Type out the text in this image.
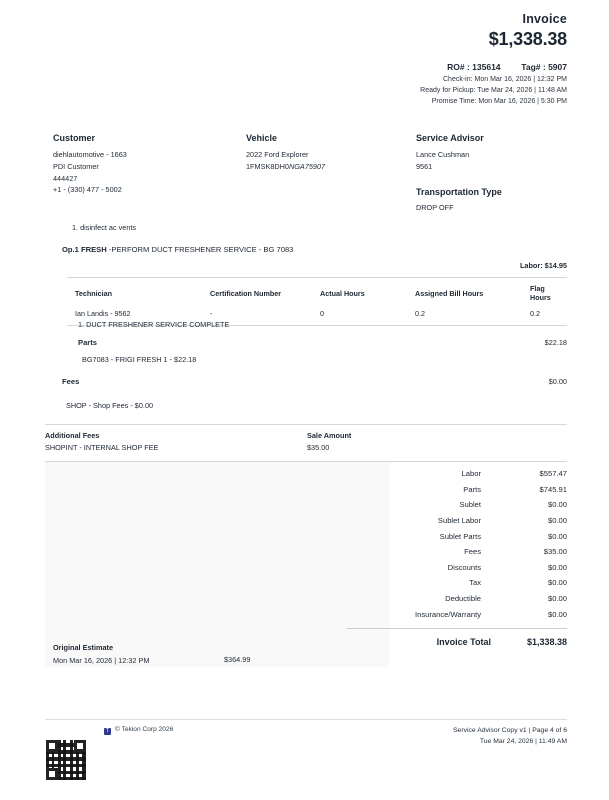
Invoice
$1,338.38
RO# : 135614 Tag# : 5907
Check-in: Mon Mar 16, 2026 | 12:32 PM
Ready for Pickup: Tue Mar 24, 2026 | 11:48 AM
Promise Time: Mon Mar 16, 2026 | 5:30 PM
Customer
diehlautomotive - 1663
PDI Customer
444427
+1 - (330) 477 - 5002
Vehicle
2022 Ford Explorer
1FMSK8DH0NGA75907
Service Advisor
Lance Cushman
9561
Transportation Type
DROP OFF
1. disinfect ac vents
Op.1 FRESH -PERFORM DUCT FRESHENER SERVICE - BG 7083
Labor: $14.95
Technician	Certification Number	Actual Hours	Assigned Bill Hours	Flag Hours
Ian Landis - 9562	-	0	0.2	0.2
1. DUCT FRESHENER SERVICE COMPLETE
Parts	$22.18
BG7083 - FRIGI FRESH 1 - $22.18
Fees	$0.00
SHOP - Shop Fees - $0.00
Additional Fees	Sale Amount
SHOPINT - INTERNAL SHOP FEE	$35.00
Labor	$557.47
Parts	$745.91
Sublet	$0.00
Sublet Labor	$0.00
Sublet Parts	$0.00
Fees	$35.00
Discounts	$0.00
Tax	$0.00
Deductible	$0.00
Insurance/Warranty	$0.00
Invoice Total	$1,338.38
Original Estimate
Mon Mar 16, 2026 | 12:32 PM	$364.99
T © Tekion Corp 2026	Service Advisor Copy v1 | Page 4 of 6
Tue Mar 24, 2026 | 11:49 AM
